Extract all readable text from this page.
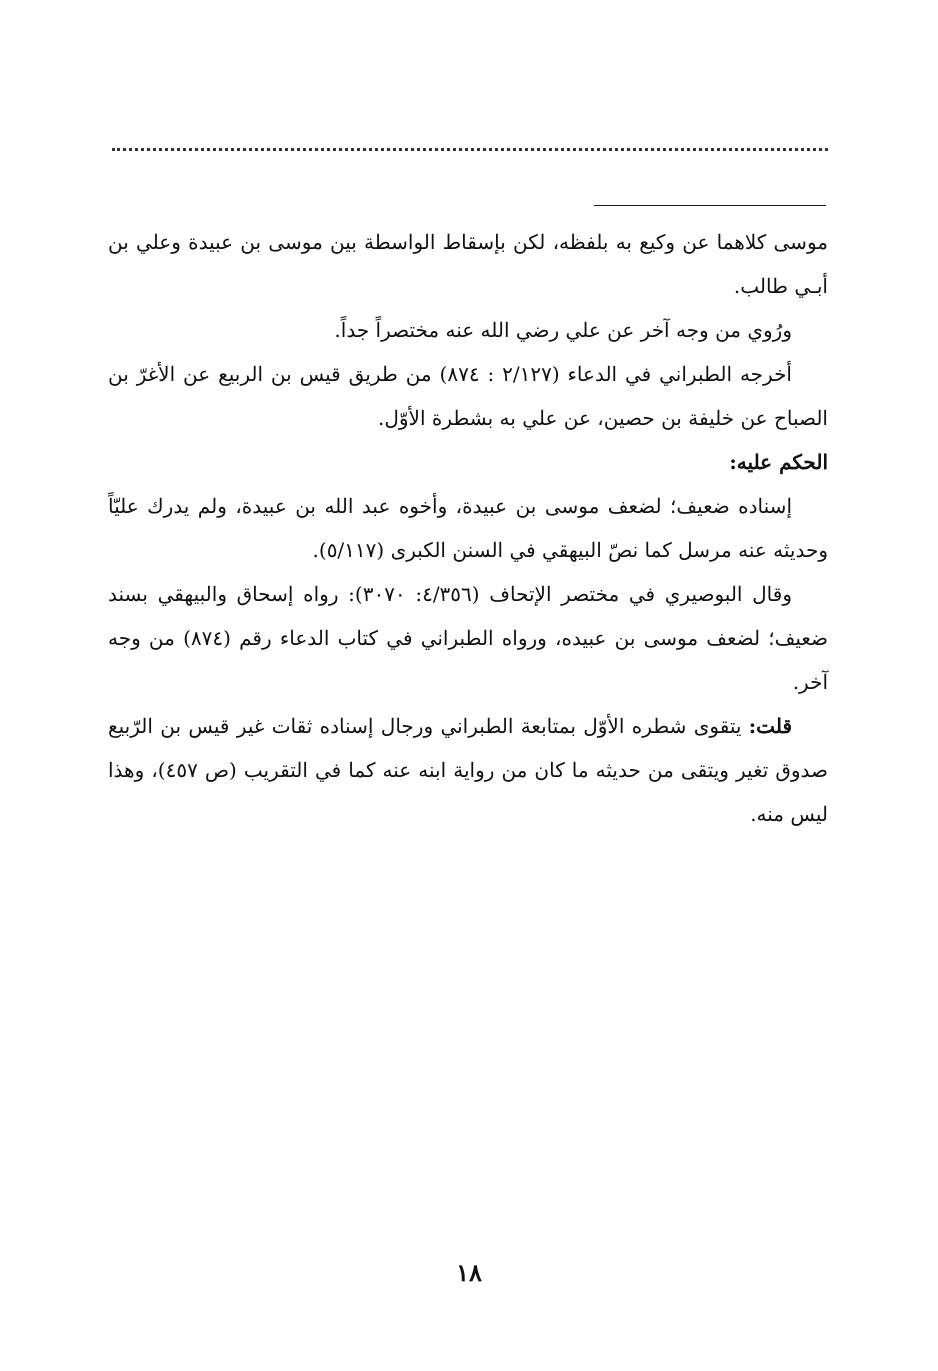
موسى كلاهما عن وكيع به بلفظه، لكن بإسقاط الواسطة بين موسى بن عبيدة وعلي بن أبـي طالب.

ورُوي من وجه آخر عن علي رضي الله عنه مختصراً جداً.

أخرجه الطبراني في الدعاء (٢/١٢٧ : ٨٧٤) من طريق قيس بن الربيع عن الأغرّ بن الصباح عن خليفة بن حصين، عن علي به بشطرة الأوّل.

الحكم عليه:

إسناده ضعيف؛ لضعف موسى بن عبيدة، وأخوه عبد الله بن عبيدة، ولم يدرك عليّاً وحديثه عنه مرسل كما نصّ البيهقي في السنن الكبرى (٥/١١٧).

وقال البوصيري في مختصر الإتحاف (٤/٣٥٦: ٣٠٧٠): رواه إسحاق والبيهقي بسند ضعيف؛ لضعف موسى بن عبيده، ورواه الطبراني في كتاب الدعاء رقم (٨٧٤) من وجه آخر.

قلت: يتقوى شطره الأوّل بمتابعة الطبراني ورجال إسناده ثقات غير قيس بن الرّبيع صدوق تغير ويتقى من حديثه ما كان من رواية ابنه عنه كما في التقريب (ص ٤٥٧)، وهذا ليس منه.

١٨
